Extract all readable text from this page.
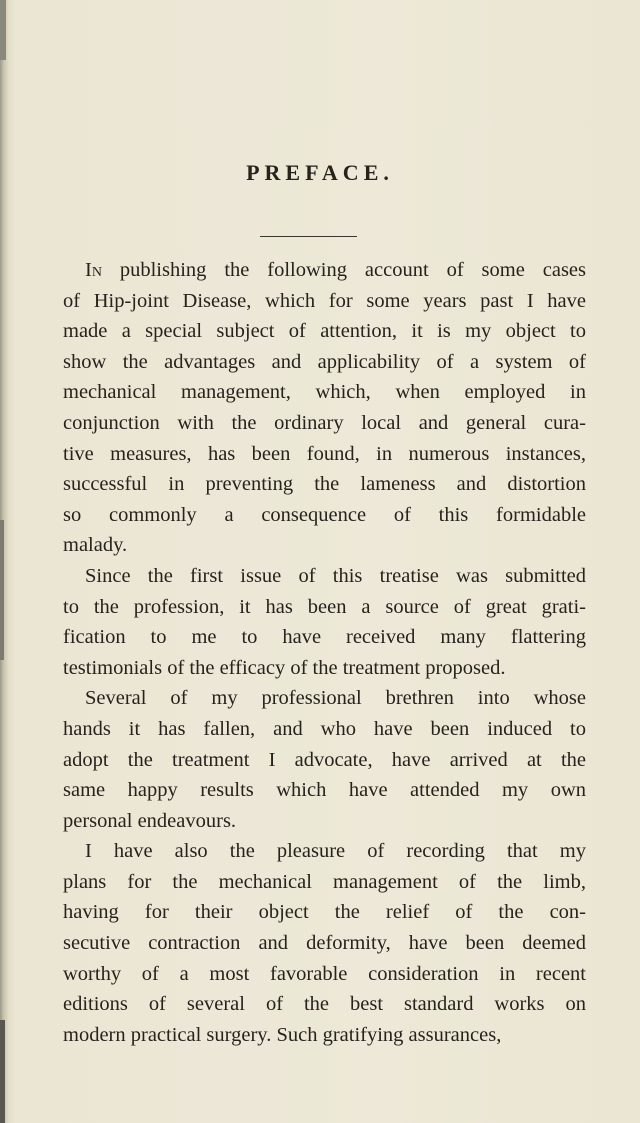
PREFACE.
In publishing the following account of some cases
of Hip-joint Disease, which for some years past I have
made a special subject of attention, it is my object to
show the advantages and applicability of a system of
mechanical management, which, when employed in
conjunction with the ordinary local and general cura-
tive measures, has been found, in numerous instances,
successful in preventing the lameness and distortion
so commonly a consequence of this formidable
malady.
Since the first issue of this treatise was submitted
to the profession, it has been a source of great grati-
fication to me to have received many flattering
testimonials of the efficacy of the treatment proposed.
Several of my professional brethren into whose
hands it has fallen, and who have been induced to
adopt the treatment I advocate, have arrived at the
same happy results which have attended my own
personal endeavours.
I have also the pleasure of recording that my
plans for the mechanical management of the limb,
having for their object the relief of the con-
secutive contraction and deformity, have been deemed
worthy of a most favorable consideration in recent
editions of several of the best standard works on
modern practical surgery. Such gratifying assurances,
